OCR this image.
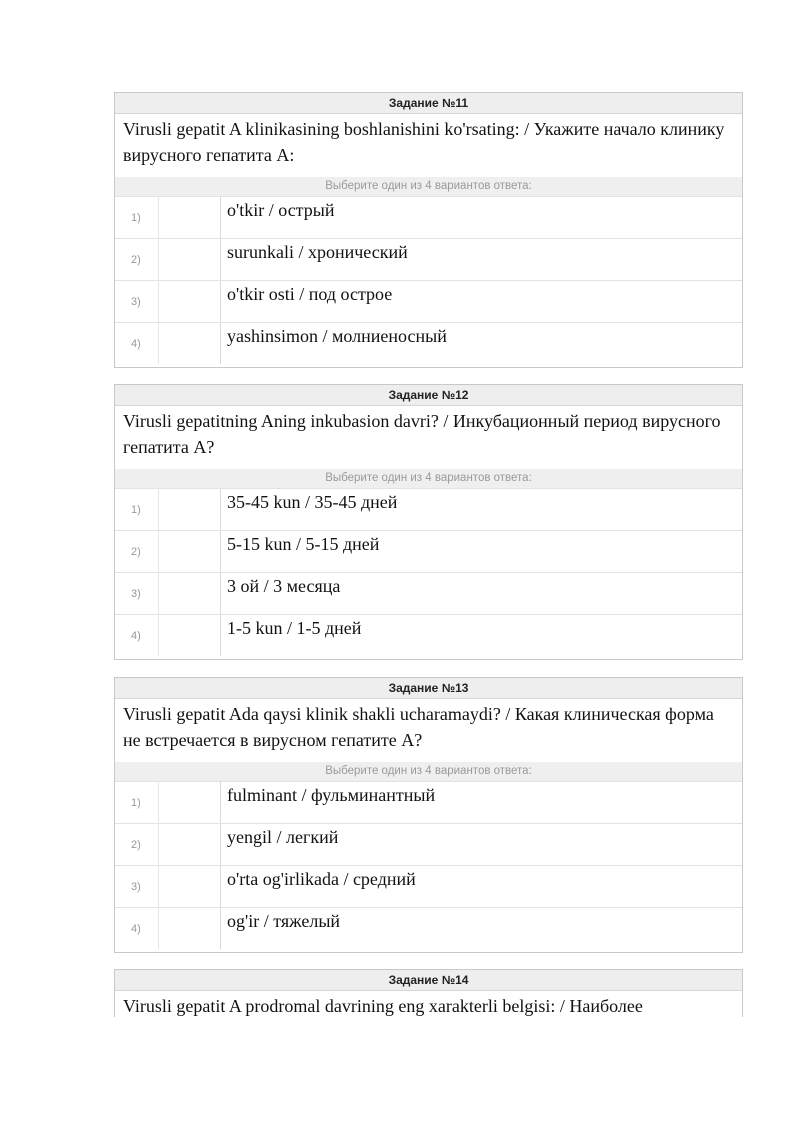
Задание №11
Virusli gepatit A klinikasining boshlanishini ko'rsating: / Укажите начало клинику вирусного гепатита А:
Выберите один из 4 вариантов ответа:
1)	o'tkir / острый
2)	surunkali / хронический
3)	o'tkir osti / под острое
4)	yashinsimon / молниеносный
Задание №12
Virusli gepatitning Aning inkubasion davri? / Инкубационный период вирусного гепатита А?
Выберите один из 4 вариантов ответа:
1)	35-45 kun / 35-45 дней
2)	5-15 kun / 5-15 дней
3)	3 ой / 3 месяца
4)	1-5 kun / 1-5 дней
Задание №13
Virusli gepatit Ada qaysi klinik shakli ucharamaydi? / Какая клиническая форма не встречается в вирусном гепатите А?
Выберите один из 4 вариантов ответа:
1)	fulminant / фульминантный
2)	yengil / легкий
3)	o'rta og'irlikada / средний
4)	og'ir / тяжелый
Задание №14
Virusli gepatit A prodromal davrining eng xarakterli belgisi: / Наиболее
